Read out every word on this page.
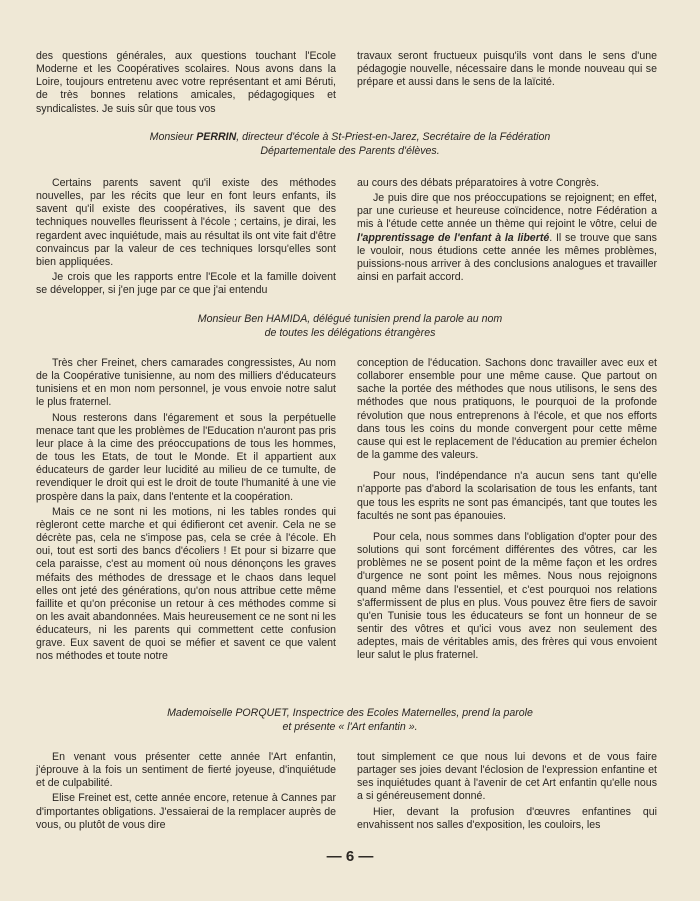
des questions générales, aux questions touchant l'Ecole Moderne et les Coopératives scolaires. Nous avons dans la Loire, toujours entretenu avec votre représentant et ami Béruti, de très bonnes relations amicales, pédagogiques et syndicalistes. Je suis sûr que tous vos

travaux seront fructueux puisqu'ils vont dans le sens d'une pédagogie nouvelle, nécessaire dans le monde nouveau qui se prépare et aussi dans le sens de la laïcité.

Monsieur PERRIN, directeur d'école à St-Priest-en-Jarez, Secrétaire de la Fédération
Départementale des Parents d'élèves.

Certains parents savent qu'il existe des méthodes nouvelles, par les récits que leur en font leurs enfants, ils savent qu'il existe des coopératives, ils savent que des techniques nouvelles fleurissent à l'école ; certains, je dirai, les regardent avec inquiétude, mais au résultat ils ont vite fait d'être convaincus par la valeur de ces techniques lorsqu'elles sont bien appliquées.

Je crois que les rapports entre l'Ecole et la famille doivent se développer, si j'en juge par ce que j'ai entendu

au cours des débats préparatoires à votre Congrès.

Je puis dire que nos préoccupations se rejoignent; en effet, par une curieuse et heureuse coïncidence, notre Fédération a mis à l'étude cette année un thème qui rejoint le vôtre, celui de l'apprentissage de l'enfant à la liberté. Il se trouve que sans le vouloir, nous étudions cette année les mêmes problèmes, puissions-nous arriver à des conclusions analogues et travailler ainsi en parfait accord.

Monsieur Ben HAMIDA, délégué tunisien prend la parole au nom
de toutes les délégations étrangères

Très cher Freinet, chers camarades congressistes, Au nom de la Coopérative tunisienne, au nom des milliers d'éducateurs tunisiens et en mon nom personnel, je vous envoie notre salut le plus fraternel.

Nous resterons dans l'égarement et sous la perpétuelle menace tant que les problèmes de l'Education n'auront pas pris leur place à la cime des préoccupations de tous les hommes, de tous les Etats, de tout le Monde. Et il appartient aux éducateurs de garder leur lucidité au milieu de ce tumulte, de revendiquer le droit qui est le droit de toute l'humanité à une vie prospère dans la paix, dans l'entente et la coopération.

Mais ce ne sont ni les motions, ni les tables rondes qui règleront cette marche et qui édifieront cet avenir. Cela ne se décrète pas, cela ne s'impose pas, cela se crée à l'école. Eh oui, tout est sorti des bancs d'écoliers ! Et pour si bizarre que cela paraisse, c'est au moment où nous dénonçons les graves méfaits des méthodes de dressage et le chaos dans lequel elles ont jeté des générations, qu'on nous attribue cette même faillite et qu'on préconise un retour à ces méthodes comme si on les avait abandonnées. Mais heureusement ce ne sont ni les éducateurs, ni les parents qui commettent cette confusion grave. Eux savent de quoi se méfier et savent ce que valent nos méthodes et toute notre

conception de l'éducation. Sachons donc travailler avec eux et collaborer ensemble pour une même cause. Que partout on sache la portée des méthodes que nous utilisons, le sens des méthodes que nous pratiquons, le pourquoi de la profonde révolution que nous entreprenons à l'école, et que nos efforts dans tous les coins du monde convergent pour cette même cause qui est le replacement de l'éducation au premier échelon de la gamme des valeurs.

Pour nous, l'indépendance n'a aucun sens tant qu'elle n'apporte pas d'abord la scolarisation de tous les enfants, tant que tous les esprits ne sont pas émancipés, tant que toutes les facultés ne sont pas épanouies.

Pour cela, nous sommes dans l'obligation d'opter pour des solutions qui sont forcément différentes des vôtres, car les problèmes ne se posent point de la même façon et les ordres d'urgence ne sont point les mêmes. Nous nous rejoignons quand même dans l'essentiel, et c'est pourquoi nos relations s'affermissent de plus en plus. Vous pouvez être fiers de savoir qu'en Tunisie tous les éducateurs se font un honneur de se sentir des vôtres et qu'ici vous avez non seulement des adeptes, mais de véritables amis, des frères qui vous envoient leur salut le plus fraternel.

Mademoiselle PORQUET, Inspectrice des Ecoles Maternelles, prend la parole
et présente « l'Art enfantin ».

En venant vous présenter cette année l'Art enfantin, j'éprouve à la fois un sentiment de fierté joyeuse, d'inquiétude et de culpabilité.

Elise Freinet est, cette année encore, retenue à Cannes par d'importantes obligations. J'essaierai de la remplacer auprès de vous, ou plutôt de vous dire

tout simplement ce que nous lui devons et de vous faire partager ses joies devant l'éclosion de l'expression enfantine et ses inquiétudes quant à l'avenir de cet Art enfantin qu'elle nous a si généreusement donné.

Hier, devant la profusion d'œuvres enfantines qui envahissent nos salles d'exposition, les couloirs, les

— 6 —
